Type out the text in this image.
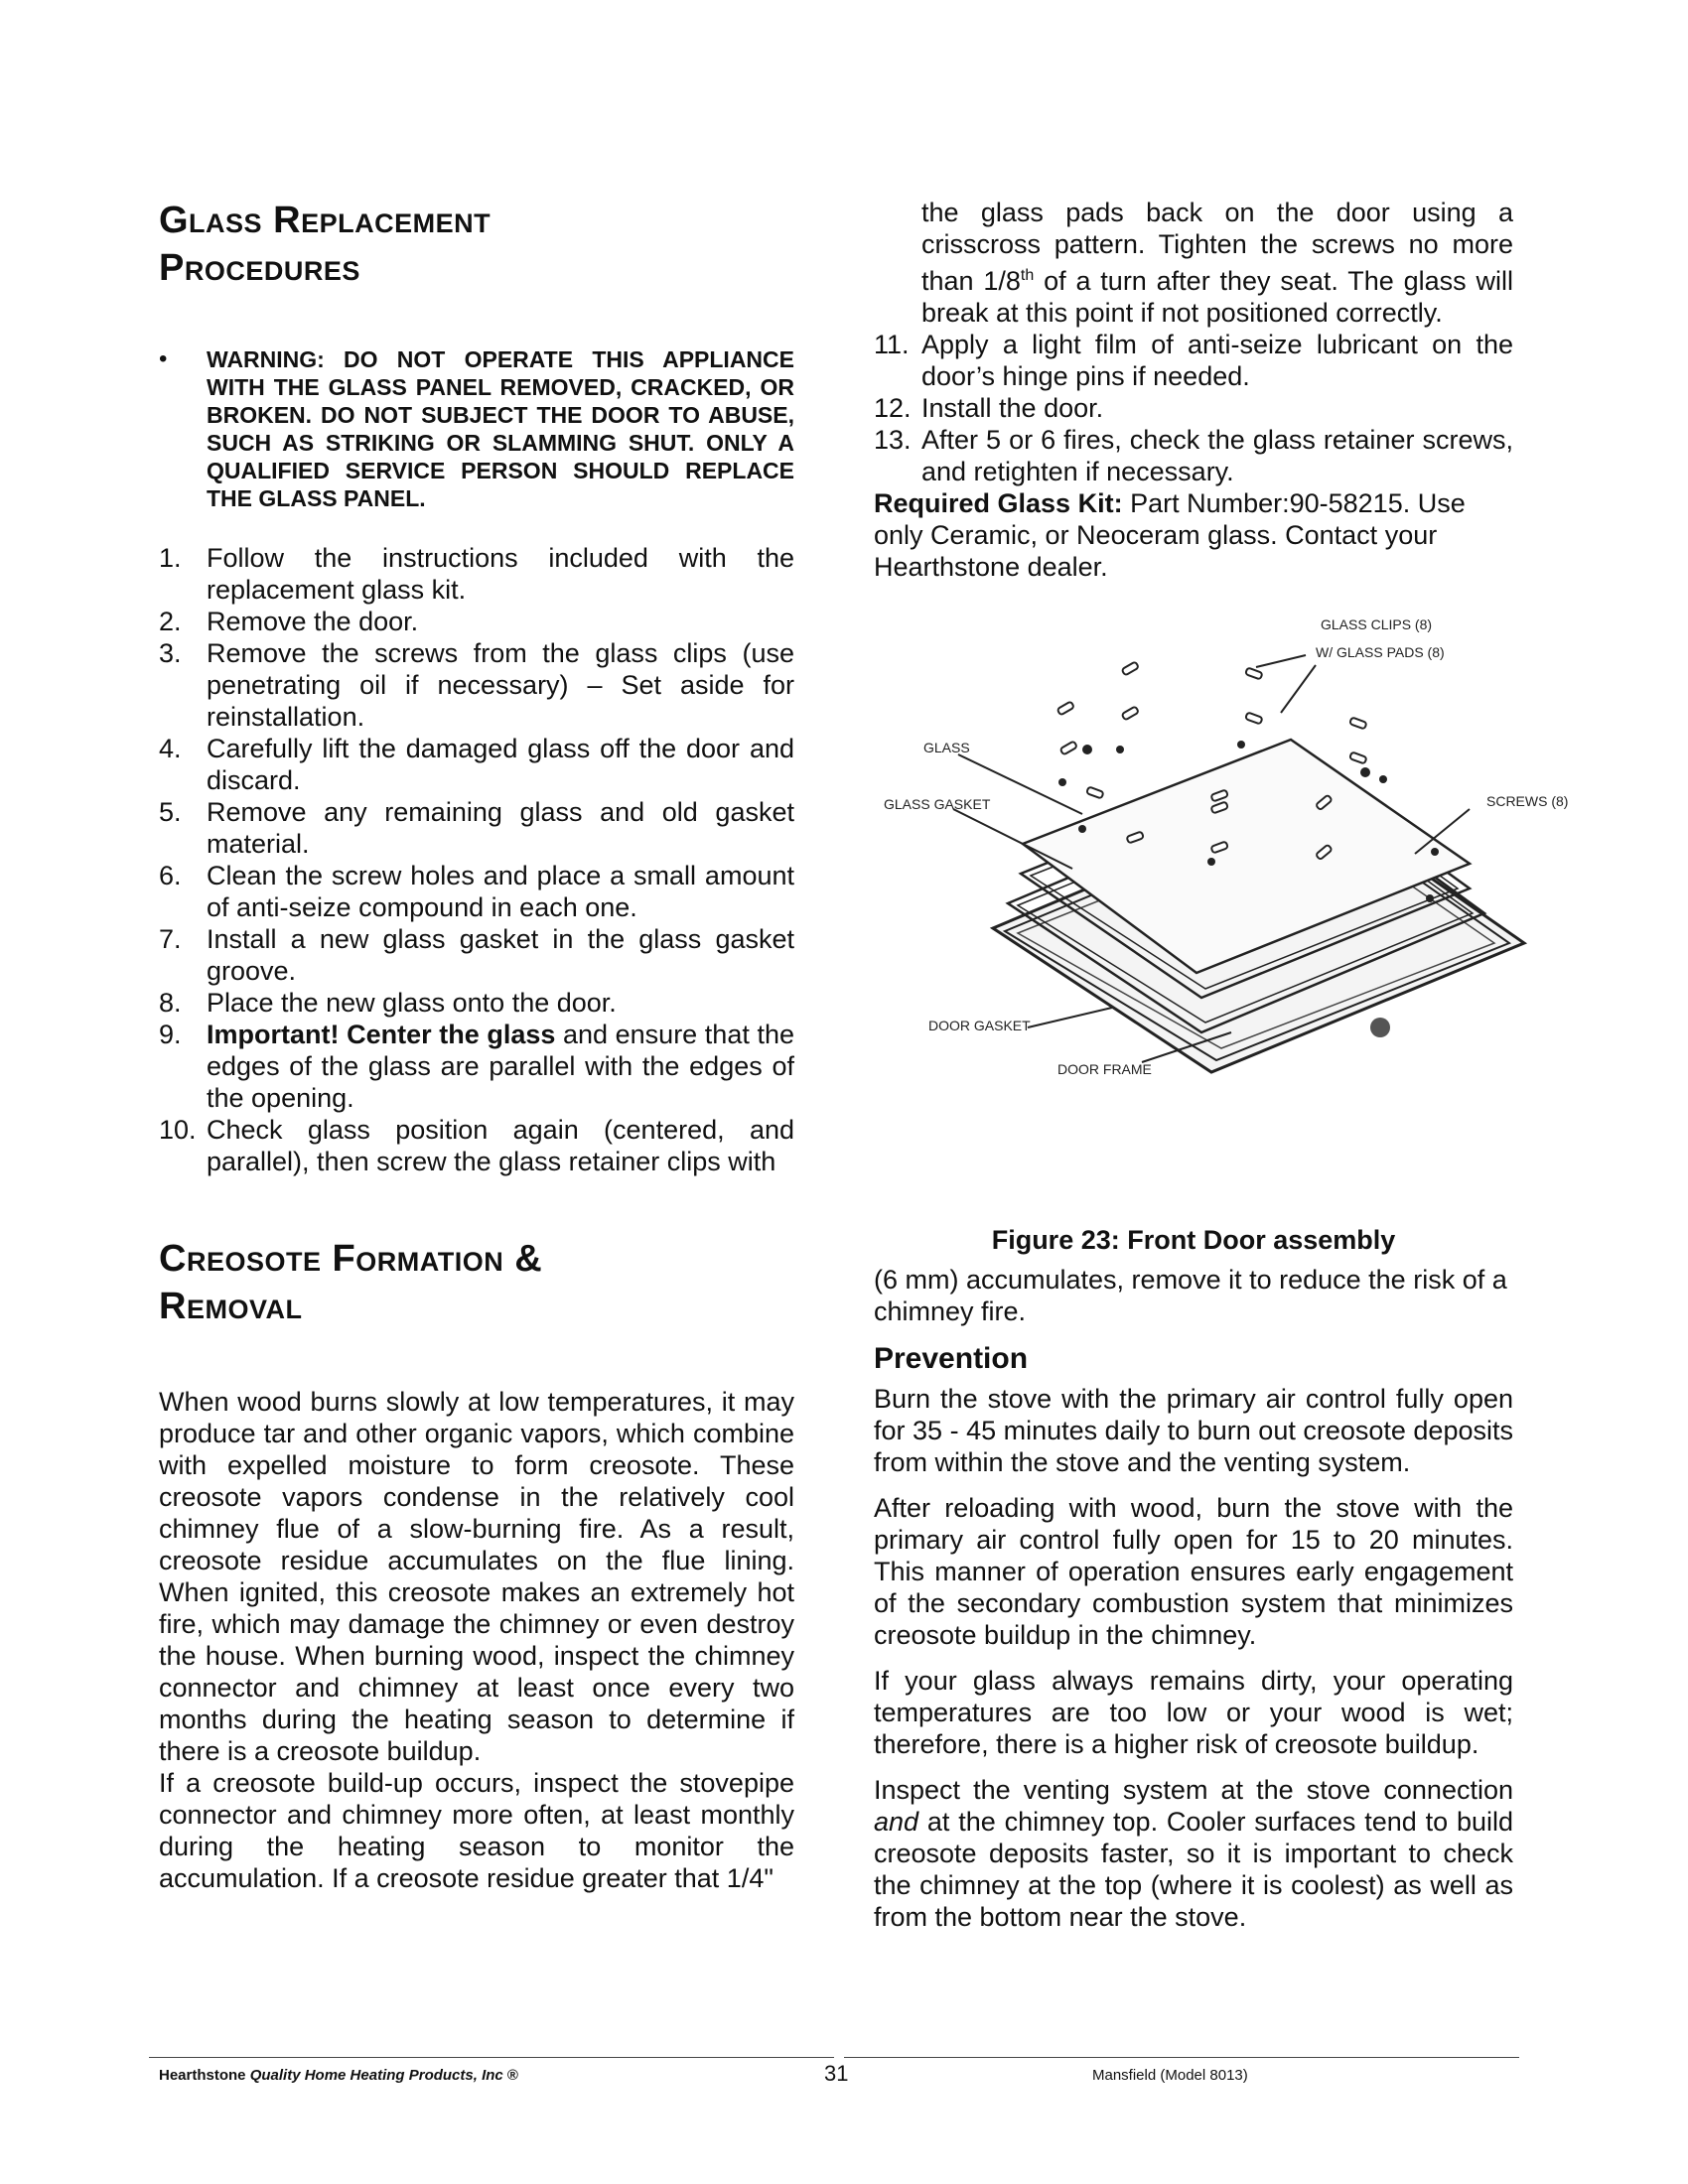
Glass Replacement
Procedures
•	WARNING: DO NOT OPERATE THIS APPLIANCE WITH THE GLASS PANEL REMOVED, CRACKED, OR BROKEN. DO NOT SUBJECT THE DOOR TO ABUSE, SUCH AS STRIKING OR SLAMMING SHUT. ONLY A QUALIFIED SERVICE PERSON SHOULD REPLACE THE GLASS PANEL.
1. Follow the instructions included with the replacement glass kit.
2. Remove the door.
3. Remove the screws from the glass clips (use penetrating oil if necessary) – Set aside for reinstallation.
4. Carefully lift the damaged glass off the door and discard.
5. Remove any remaining glass and old gasket material.
6. Clean the screw holes and place a small amount of anti-seize compound in each one.
7. Install a new glass gasket in the glass gasket groove.
8. Place the new glass onto the door.
9. Important! Center the glass and ensure that the edges of the glass are parallel with the edges of the opening.
10. Check glass position again (centered, and parallel), then screw the glass retainer clips with
Creosote Formation &
Removal

When wood burns slowly at low temperatures, it may produce tar and other organic vapors, which combine with expelled moisture to form creosote. These creosote vapors condense in the relatively cool chimney flue of a slow-burning fire. As a result, creosote residue accumulates on the flue lining. When ignited, this creosote makes an extremely hot fire, which may damage the chimney or even destroy the house. When burning wood, inspect the chimney connector and chimney at least once every two months during the heating season to determine if there is a creosote buildup.

If a creosote build-up occurs, inspect the stovepipe connector and chimney more often, at least monthly during the heating season to monitor the accumulation. If a creosote residue greater that 1/4"

the glass pads back on the door using a crisscross pattern. Tighten the screws no more than 1/8th of a turn after they seat. The glass will break at this point if not positioned correctly.

11. Apply a light film of anti-seize lubricant on the door’s hinge pins if needed.
12. Install the door.
13. After 5 or 6 fires, check the glass retainer screws, and retighten if necessary.

Required Glass Kit: Part Number:90-58215. Use only Ceramic, or Neoceram glass. Contact your Hearthstone dealer.

GLASS CLIPS (8)
W/ GLASS PADS (8)
GLASS
GLASS GASKET	SCREWS (8)
DOOR GASKET
DOOR FRAME
Figure 23: Front Door assembly

(6 mm) accumulates, remove it to reduce the risk of a chimney fire.

Prevention

Burn the stove with the primary air control fully open for 35 - 45 minutes daily to burn out creosote deposits from within the stove and the venting system.

After reloading with wood, burn the stove with the primary air control fully open for 15 to 20 minutes. This manner of operation ensures early engagement of the secondary combustion system that minimizes creosote buildup in the chimney.

If your glass always remains dirty, your operating temperatures are too low or your wood is wet; therefore, there is a higher risk of creosote buildup.

Inspect the venting system at the stove connection and at the chimney top. Cooler surfaces tend to build creosote deposits faster, so it is important to check the chimney at the top (where it is coolest) as well as from the bottom near the stove.

Hearthstone Quality Home Heating Products, Inc ®	31	Mansfield (Model 8013)
